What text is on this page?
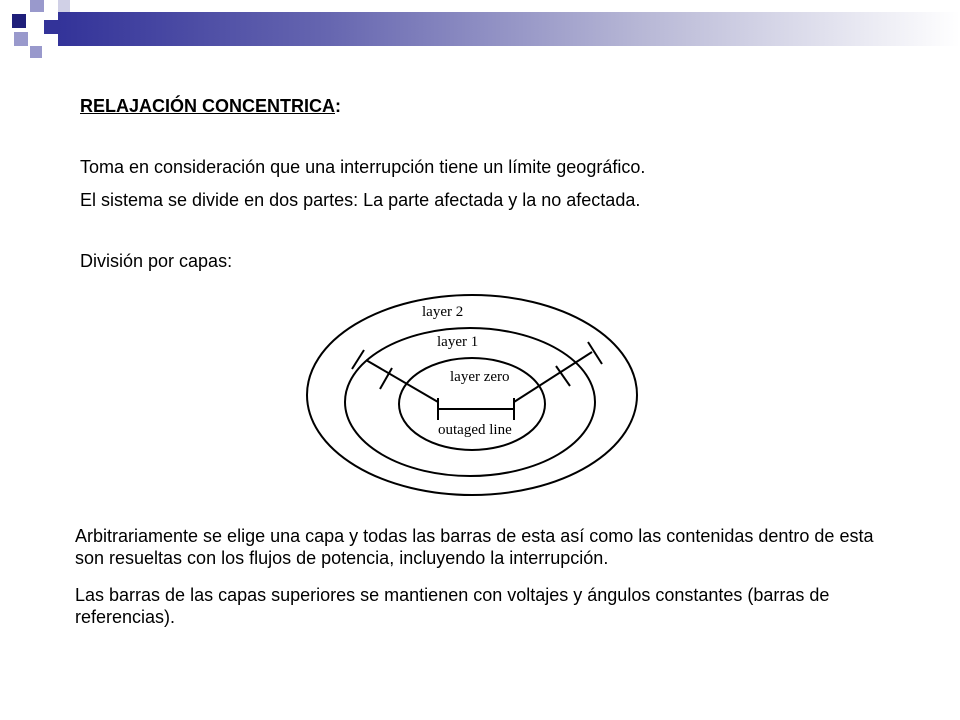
RELAJACIÓN CONCENTRICA:
Toma en consideración que una interrupción tiene un límite geográfico.
El sistema se divide en dos partes: La parte afectada y la no afectada.
División por capas:
layer 2
layer 1
layer zero
outaged line
Arbitrariamente se elige una capa y todas las barras de esta así como las contenidas dentro de esta son resueltas con los flujos de potencia, incluyendo la interrupción.
Las barras de las capas superiores se mantienen con voltajes y ángulos constantes (barras de referencias).
